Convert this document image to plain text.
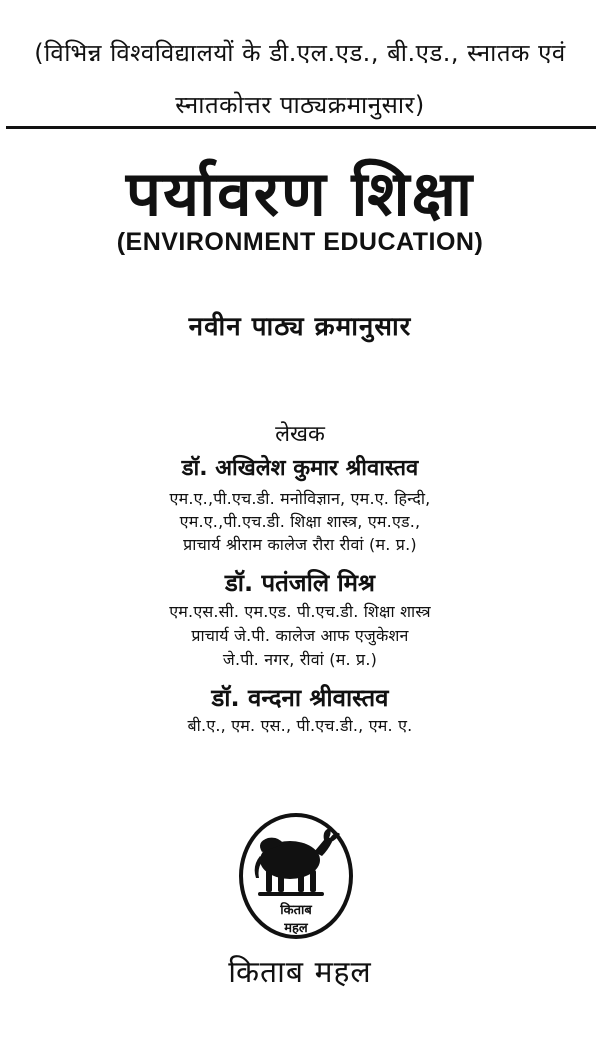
(विभिन्न विश्वविद्यालयों के डी.एल.एड., बी.एड., स्नातक एवं
स्नातकोत्तर पाठ्यक्रमानुसार)
पर्यावरण शिक्षा
(ENVIRONMENT EDUCATION)
नवीन पाठ्य क्रमानुसार
लेखक
डॉ. अखिलेश कुमार श्रीवास्तव
एम.ए.,पी.एच.डी. मनोविज्ञान, एम.ए. हिन्दी,
एम.ए.,पी.एच.डी. शिक्षा शास्त्र, एम.एड.,
प्राचार्य श्रीराम कालेज रौरा रीवां (म. प्र.)
डॉ. पतंजलि मिश्र
एम.एस.सी. एम.एड. पी.एच.डी. शिक्षा शास्त्र
प्राचार्य जे.पी. कालेज आफ एजुकेशन
जे.पी. नगर, रीवां (म. प्र.)
डॉ. वन्दना श्रीवास्तव
बी.ए., एम. एस., पी.एच.डी., एम. ए.
किताब
महल
किताब महल
